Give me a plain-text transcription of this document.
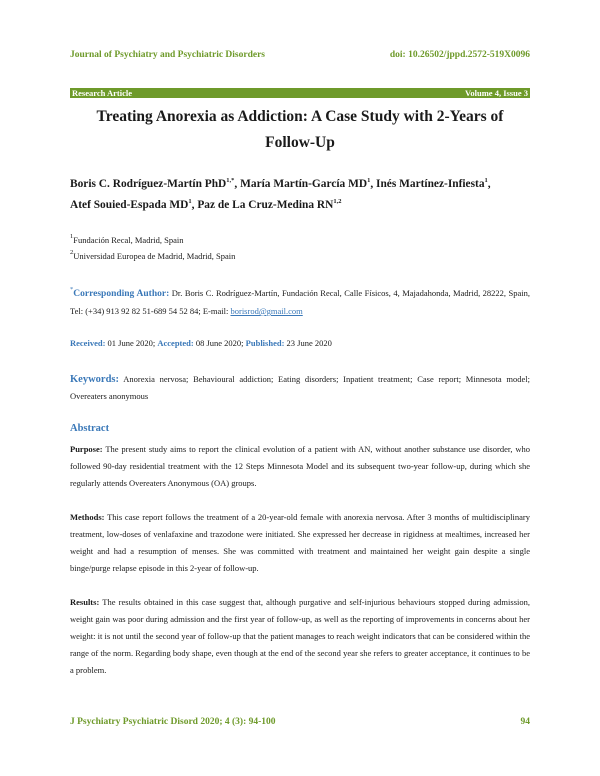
Journal of Psychiatry and Psychiatric Disorders	doi: 10.26502/jppd.2572-519X0096
Research Article	Volume 4, Issue 3
Treating Anorexia as Addiction: A Case Study with 2-Years of Follow-Up

Boris C. Rodríguez-Martín PhD$^{1,*}$, María Martín-García $MD^1$, Inés Martínez-Infiesta$^1$,

Atef Souied-Espada $MD^1$, Paz de La Cruz-Medina RN$^{1,2}$

$^1$Fundación Recal, Madrid, Spain
$^2$Universidad Europea de Madrid, Madrid, Spain
*Corresponding Author: Dr. Boris C. Rodríguez-Martín, Fundación Recal, Calle Físicos, 4, Majadahonda, Madrid, 28222, Spain, Tel: (+34) 913 92 82 51-689 54 52 84; E-mail: borisrod@gmail.com
Received: 01 June 2020; Accepted: 08 June 2020; Published: 23 June 2020
Keywords: Anorexia nervosa; Behavioural addiction; Eating disorders; Inpatient treatment; Case report; Minnesota model; Overeaters anonymous
Abstract
Purpose: The present study aims to report the clinical evolution of a patient with AN, without another substance use disorder, who followed 90-day residential treatment with the 12 Steps Minnesota Model and its subsequent two-year follow-up, during which she regularly attends Overeaters Anonymous (OA) groups.
Methods: This case report follows the treatment of a 20-year-old female with anorexia nervosa. After 3 months of multidisciplinary treatment, low-doses of venlafaxine and trazodone were initiated. She expressed her decrease in rigidness at mealtimes, increased her weight and had a resumption of menses. She was committed with treatment and maintained her weight gain despite a single binge/purge relapse episode in this 2-year of follow-up.
Results: The results obtained in this case suggest that, although purgative and self-injurious behaviours stopped during admission, weight gain was poor during admission and the first year of follow-up, as well as the reporting of improvements in concerns about her weight: it is not until the second year of follow-up that the patient manages to reach weight indicators that can be considered within the range of the norm. Regarding body shape, even though at the end of the second year she refers to greater acceptance, it continues to be a problem.
J Psychiatry Psychiatric Disord 2020; 4 (3): 94-100	94
